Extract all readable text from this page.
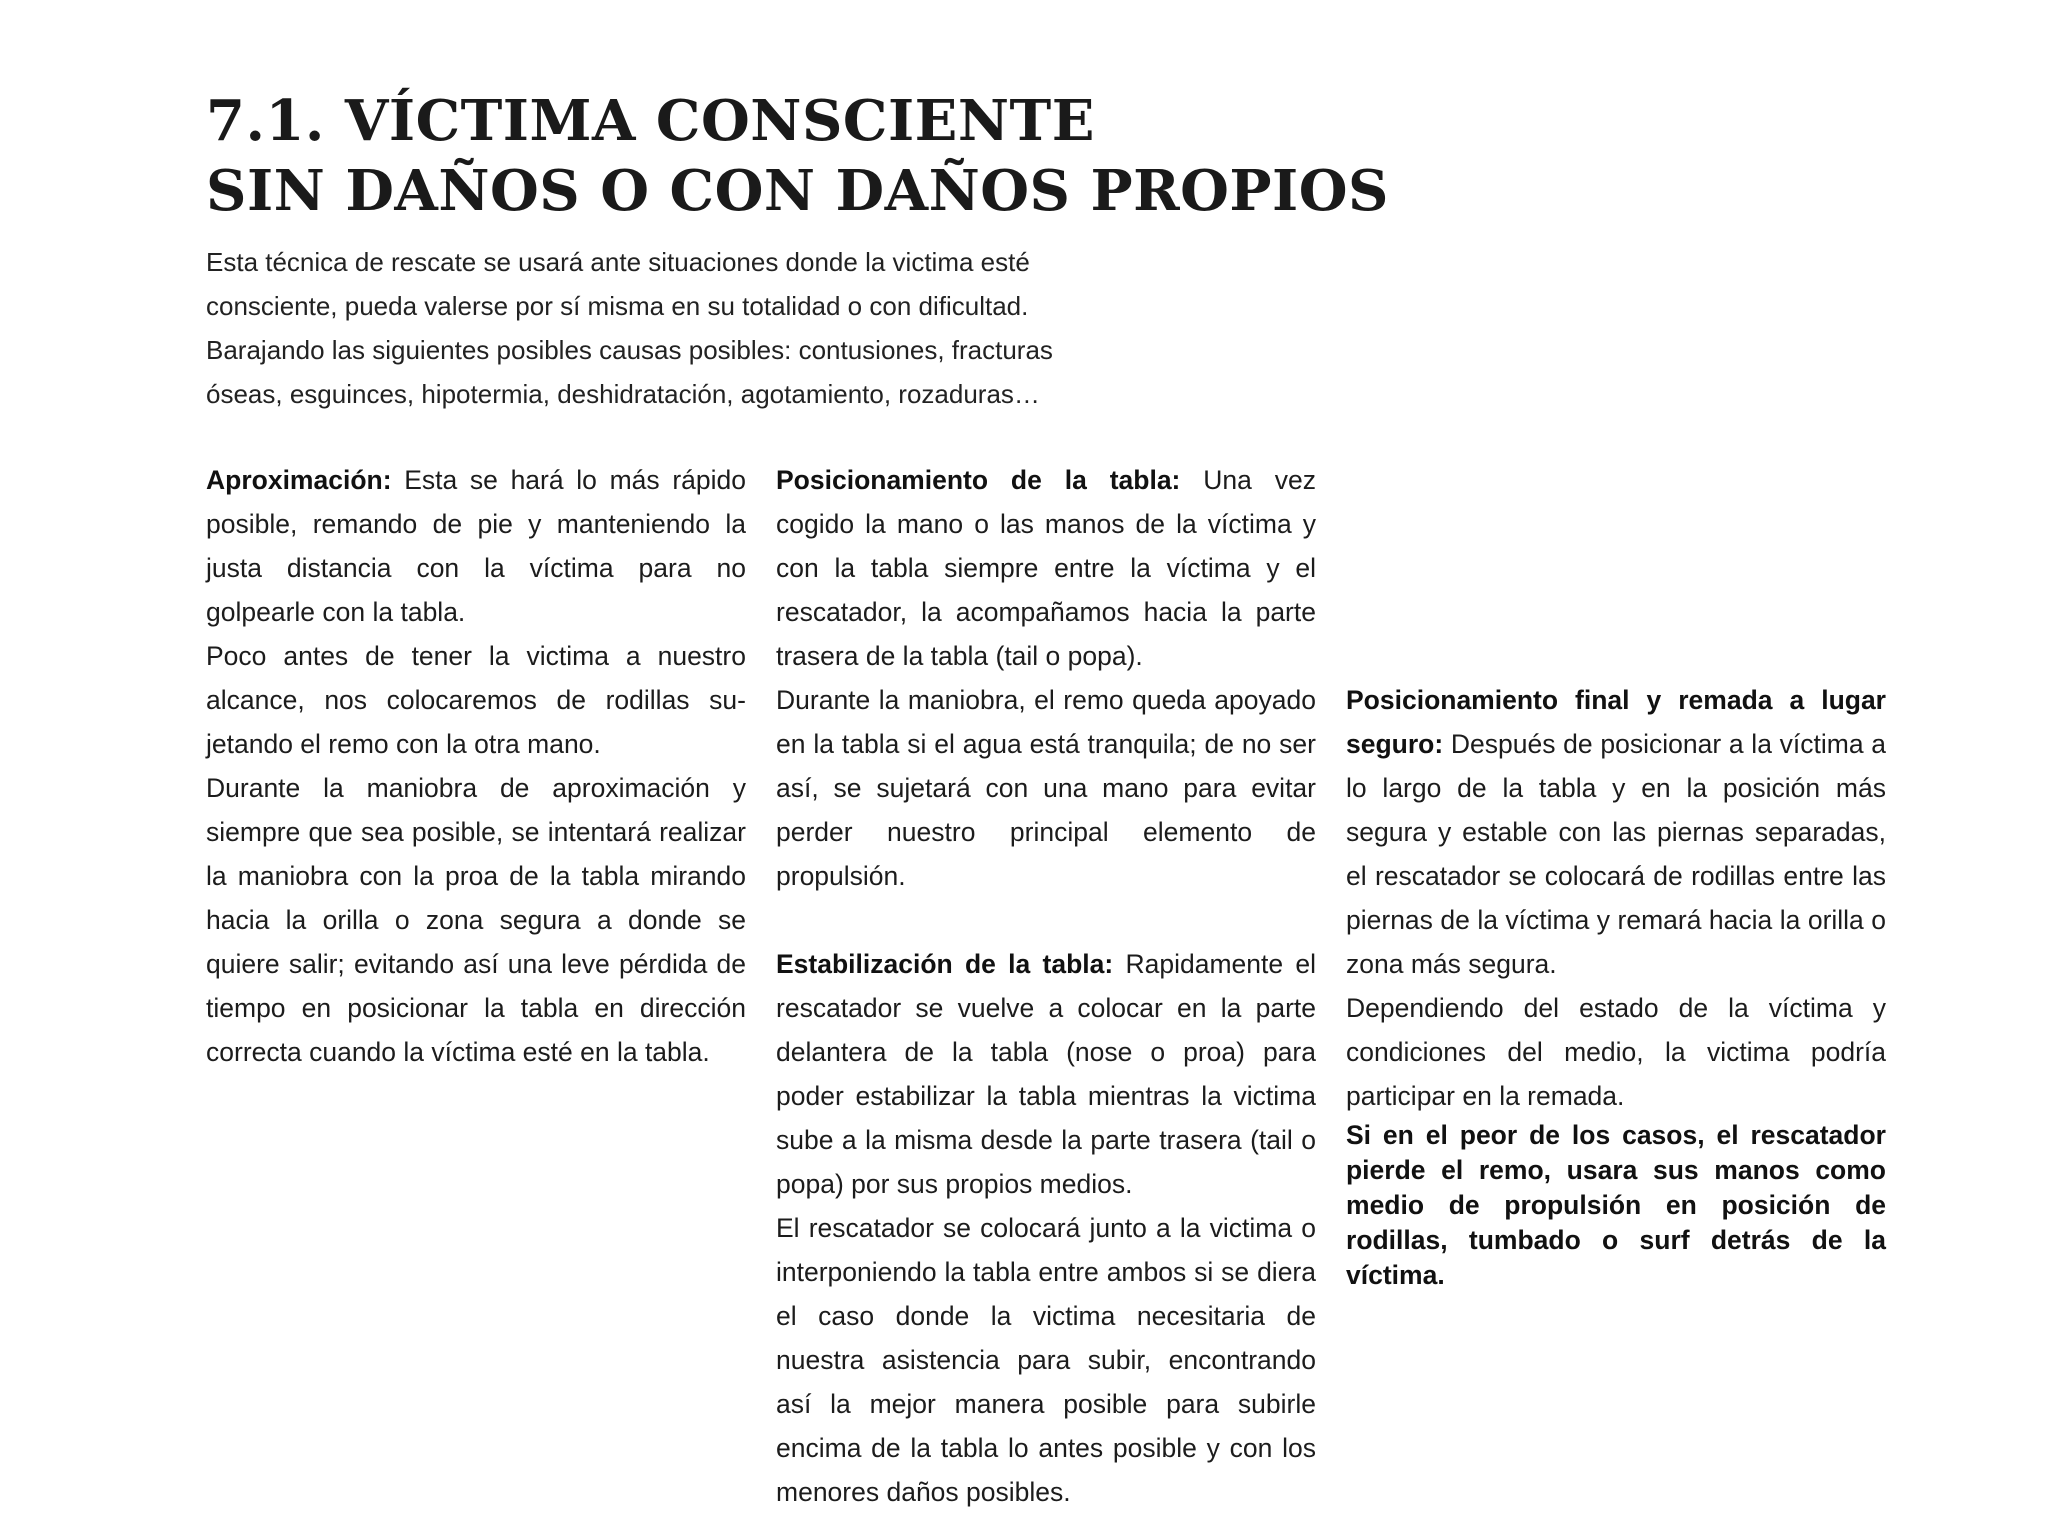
7.1. VÍCTIMA CONSCIENTE
SIN DAÑOS O CON DAÑOS PROPIOS

Esta técnica de rescate se usará ante situaciones donde la victima esté consciente, pueda valerse por sí misma en su totalidad o con dificultad. Barajando las siguientes posibles causas posibles: contusiones, fracturas óseas, esguinces, hipotermia, deshidratación, agotamiento, rozaduras…

Aproximación: Esta se hará lo más rápido posible, remando de pie y manteniendo la justa distancia con la víctima para no golpearle con la tabla.

Poco antes de tener la victima a nuestro alcance, nos colocaremos de rodillas sujetando el remo con la otra mano.

Durante la maniobra de aproximación y siempre que sea posible, se intentará realizar la maniobra con la proa de la tabla mirando hacia la orilla o zona segura a donde se quiere salir; evitando así una leve pérdida de tiempo en posicionar la tabla en dirección correcta cuando la víctima esté en la tabla.

Posicionamiento de la tabla: Una vez cogido la mano o las manos de la víctima y con la tabla siempre entre la víctima y el rescatador, la acompañamos hacia la parte trasera de la tabla (tail o popa).

Durante la maniobra, el remo queda apoyado en la tabla si el agua está tranquila; de no ser así, se sujetará con una mano para evitar perder nuestro principal elemento de propulsión.

Estabilización de la tabla: Rapidamente el rescatador se vuelve a colocar en la parte delantera de la tabla (nose o proa) para poder estabilizar la tabla mientras la victima sube a la misma desde la parte trasera (tail o popa) por sus propios medios.

El rescatador se colocará junto a la victima o interponiendo la tabla entre ambos si se diera el caso donde la victima necesitaria de nuestra asistencia para subir, encontrando así la mejor manera posible para subirle encima de la tabla lo antes posible y con los menores daños posibles.

Posicionamiento final y remada a lugar seguro: Después de posicionar a la víctima a lo largo de la tabla y en la posición más segura y estable con las piernas separadas, el rescatador se colocará de rodillas entre las piernas de la víctima y remará hacia la orilla o zona más segura.

Dependiendo del estado de la víctima y condiciones del medio, la victima podría participar en la remada.

Si en el peor de los casos, el rescatador pierde el remo, usara sus manos como medio de propulsión en posición de rodillas, tumbado o surf detrás de la víctima.
